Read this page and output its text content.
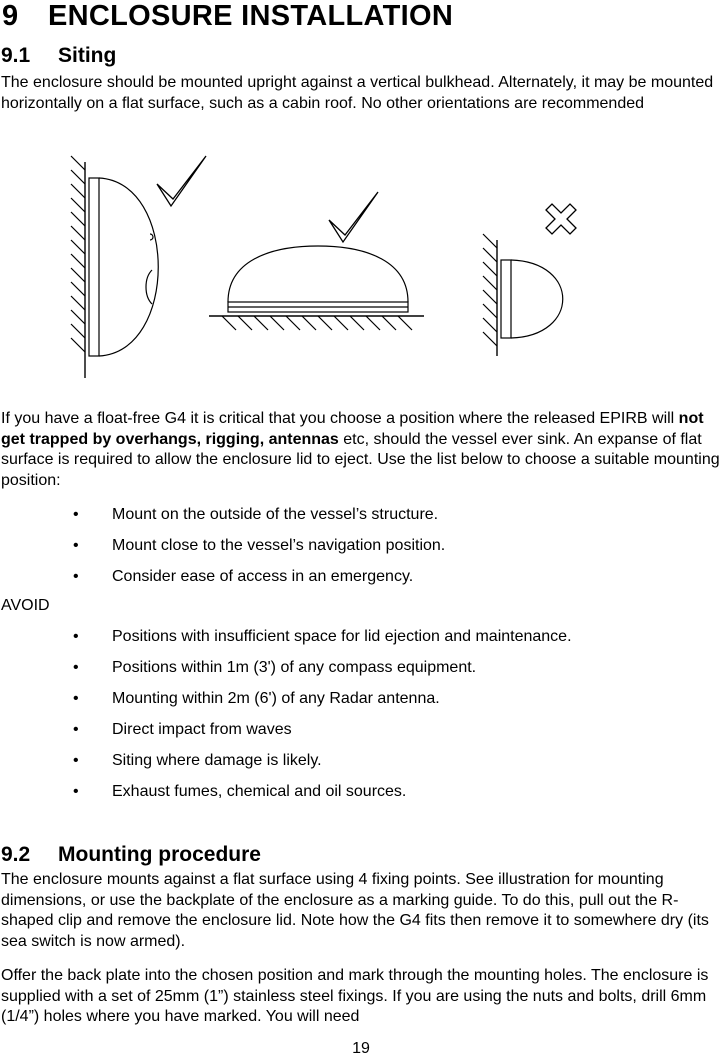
9 ENCLOSURE INSTALLATION
9.1 Siting
The enclosure should be mounted upright against a vertical bulkhead. Alternately, it may be mounted horizontally on a flat surface, such as a cabin roof. No other orientations are recommended
If you have a float-free G4 it is critical that you choose a position where the released EPIRB will not get trapped by overhangs, rigging, antennas etc, should the vessel ever sink. An expanse of flat surface is required to allow the enclosure lid to eject. Use the list below to choose a suitable mounting position:
• Mount on the outside of the vessel’s structure.
• Mount close to the vessel’s navigation position.
• Consider ease of access in an emergency.
AVOID
• Positions with insufficient space for lid ejection and maintenance.
• Positions within 1m (3') of any compass equipment.
• Mounting within 2m (6') of any Radar antenna.
• Direct impact from waves
• Siting where damage is likely.
• Exhaust fumes, chemical and oil sources.
9.2 Mounting procedure
The enclosure mounts against a flat surface using 4 fixing points. See illustration for mounting dimensions, or use the backplate of the enclosure as a marking guide. To do this, pull out the R-shaped clip and remove the enclosure lid. Note how the G4 fits then remove it to somewhere dry (its sea switch is now armed).
Offer the back plate into the chosen position and mark through the mounting holes. The enclosure is supplied with a set of 25mm (1”) stainless steel fixings. If you are using the nuts and bolts, drill 6mm (1/4”) holes where you have marked. You will need
19
